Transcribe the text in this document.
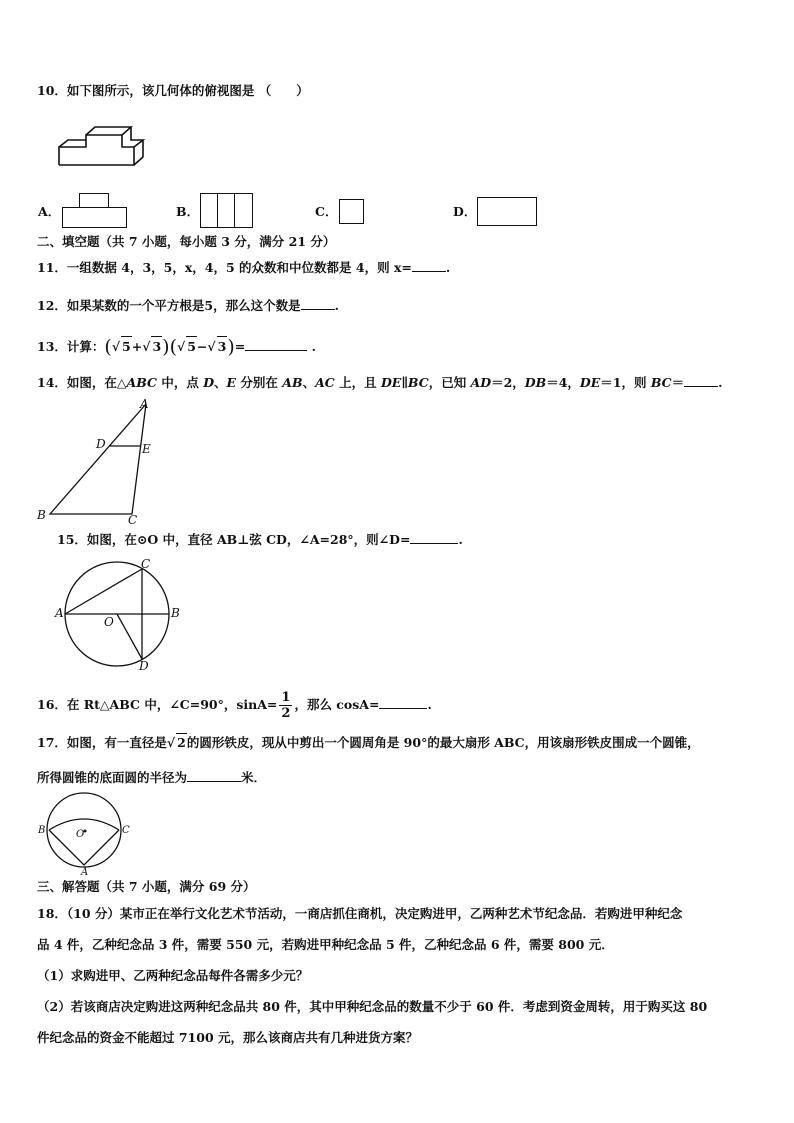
10．如下图所示，该几何体的俯视图是 （　　）
A．	B．	C．	D．
二、填空题（共 7 小题，每小题 3 分，满分 21 分）
11．一组数据 4，3，5，x，4，5 的众数和中位数都是 4，则 x=	.
12．如果某数的一个平方根是5，那么这个数是	.
13．计算：(√ 5+√ 3)(√ 5−√ 3)=	.
14．如图，在△ABC 中，点 D、E 分别在 AB、AC 上，且 DE∥BC，已知 AD＝2，DB＝4，DE＝1，则 BC＝	.
A
D	E
B	C
15．如图，在⊙O 中，直径 AB⊥弦 CD，∠A=28°，则∠D=	.
A	B
C
D
O
16．在 Rt△ABC 中，∠C=90°，$\sin A= \frac{1}{2}$ ，那么 cosA=	.
17．如图，有一直径是√ 2的圆形铁皮，现从中剪出一个圆周角是 90°的最大扇形 ABC，用该扇形铁皮围成一个圆锥，
所得圆锥的底面圆的半径为	米．
B	C
A
O
三、解答题（共 7 小题，满分 69 分）
18．（10 分）某市正在举行文化艺术节活动，一商店抓住商机，决定购进甲，乙两种艺术节纪念品．若购进甲种纪念
品 4 件，乙种纪念品 3 件，需要 550 元，若购进甲种纪念品 5 件，乙种纪念品 6 件，需要 800 元．
（1）求购进甲、乙两种纪念品每件各需多少元？
（2）若该商店决定购进这两种纪念品共 80 件，其中甲种纪念品的数量不少于 60 件．考虑到资金周转，用于购买这 80
件纪念品的资金不能超过 7100 元，那么该商店共有几种进货方案？
